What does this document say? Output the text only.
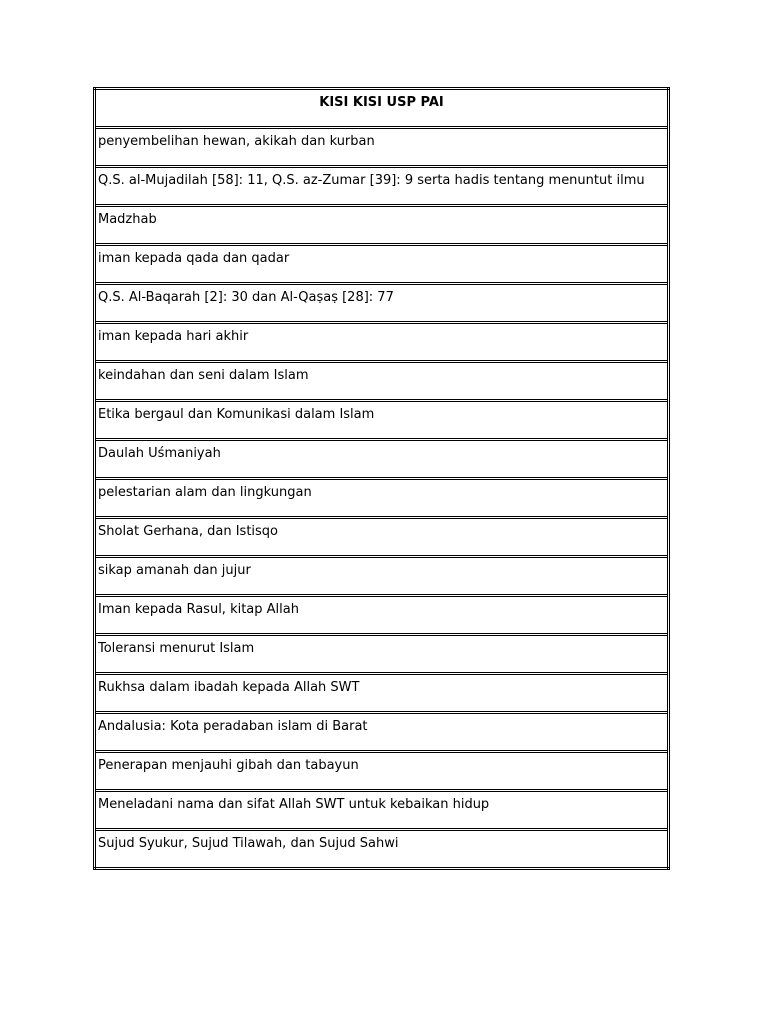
KISI KISI USP PAI
penyembelihan hewan, akikah dan kurban
Q.S. al-Mujadilah [58]: 11, Q.S. az-Zumar [39]: 9 serta hadis tentang menuntut ilmu
Madzhab
iman kepada qada dan qadar
Q.S. Al-Baqarah [2]: 30 dan Al-Qaṣaṣ [28]: 77
iman kepada hari akhir
keindahan dan seni dalam Islam
Etika bergaul dan Komunikasi dalam Islam
Daulah Uśmaniyah
pelestarian alam dan lingkungan
Sholat Gerhana, dan Istisqo
sikap amanah dan jujur
Iman kepada Rasul, kitap Allah
Toleransi menurut Islam
Rukhsa dalam ibadah kepada Allah SWT
Andalusia: Kota peradaban islam di Barat
Penerapan menjauhi gibah dan tabayun
Meneladani nama dan sifat Allah SWT untuk kebaikan hidup
Sujud Syukur, Sujud Tilawah, dan Sujud Sahwi
